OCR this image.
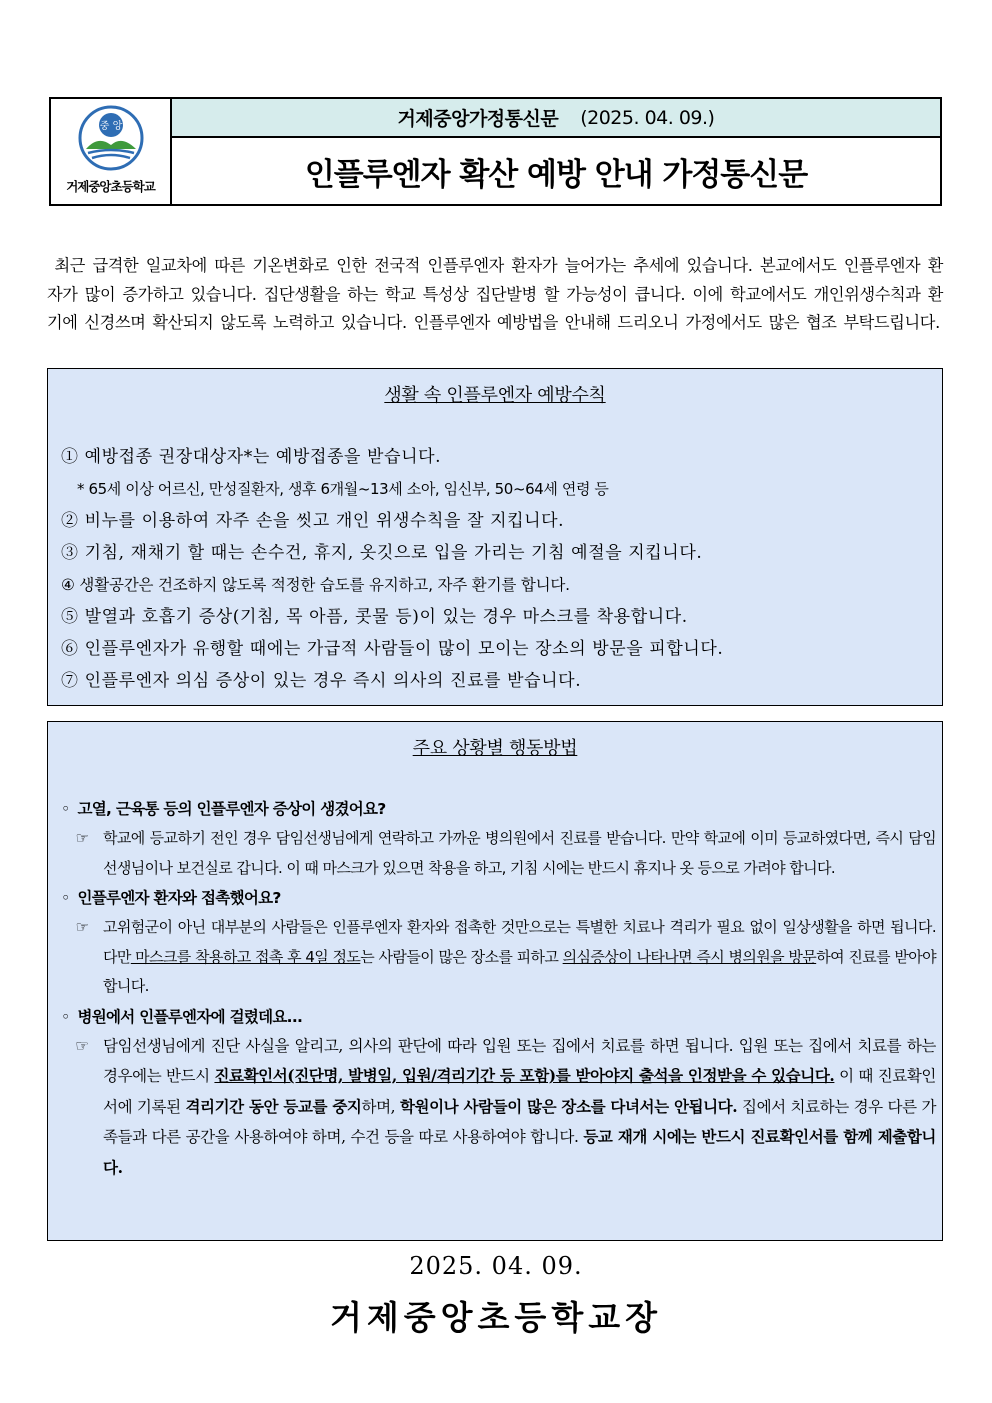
중 앙
거제중앙초등학교
거제중앙가정통신문 (2025. 04. 09.)
인플루엔자 확산 예방 안내 가정통신문
최근 급격한 일교차에 따른 기온변화로 인한 전국적 인플루엔자 환자가 늘어가는 추세에 있습니다. 본교에서도 인플루엔자 환자가 많이 증가하고 있습니다. 집단생활을 하는 학교 특성상 집단발병 할 가능성이 큽니다. 이에 학교에서도 개인위생수칙과 환기에 신경쓰며 확산되지 않도록 노력하고 있습니다. 인플루엔자 예방법을 안내해 드리오니 가정에서도 많은 협조 부탁드립니다.
생활 속 인플루엔자 예방수칙
① 예방접종 권장대상자*는 예방접종을 받습니다.
* 65세 이상 어르신, 만성질환자, 생후 6개월~13세 소아, 임신부, 50~64세 연령 등
② 비누를 이용하여 자주 손을 씻고 개인 위생수칙을 잘 지킵니다.
③ 기침, 재채기 할 때는 손수건, 휴지, 옷깃으로 입을 가리는 기침 예절을 지킵니다.
④ 생활공간은 건조하지 않도록 적정한 습도를 유지하고, 자주 환기를 합니다.
⑤ 발열과 호흡기 증상(기침, 목 아픔, 콧물 등)이 있는 경우 마스크를 착용합니다.
⑥ 인플루엔자가 유행할 때에는 가급적 사람들이 많이 모이는 장소의 방문을 피합니다.
⑦ 인플루엔자 의심 증상이 있는 경우 즉시 의사의 진료를 받습니다.
주요 상황별 행동방법
◦ 고열, 근육통 등의 인플루엔자 증상이 생겼어요?
☞ 학교에 등교하기 전인 경우 담임선생님에게 연락하고 가까운 병의원에서 진료를 받습니다. 만약 학교에 이미 등교하였다면, 즉시 담임선생님이나 보건실로 갑니다. 이 때 마스크가 있으면 착용을 하고, 기침 시에는 반드시 휴지나 옷 등으로 가려야 합니다.
◦ 인플루엔자 환자와 접촉했어요?
☞ 고위험군이 아닌 대부분의 사람들은 인플루엔자 환자와 접촉한 것만으로는 특별한 치료나 격리가 필요 없이 일상생활을 하면 됩니다. 다만 마스크를 착용하고 접촉 후 4일 정도는 사람들이 많은 장소를 피하고 의심증상이 나타나면 즉시 병의원을 방문하여 진료를 받아야 합니다.
◦ 병원에서 인플루엔자에 걸렸데요...
☞ 담임선생님에게 진단 사실을 알리고, 의사의 판단에 따라 입원 또는 집에서 치료를 하면 됩니다. 입원 또는 집에서 치료를 하는 경우에는 반드시 진료확인서(진단명, 발병일, 입원/격리기간 등 포함)를 받아야지 출석을 인정받을 수 있습니다. 이 때 진료확인서에 기록된 격리기간 동안 등교를 중지하며, 학원이나 사람들이 많은 장소를 다녀서는 안됩니다. 집에서 치료하는 경우 다른 가족들과 다른 공간을 사용하여야 하며, 수건 등을 따로 사용하여야 합니다. 등교 재개 시에는 반드시 진료확인서를 함께 제출합니다.
2025. 04. 09.
거제중앙초등학교장
